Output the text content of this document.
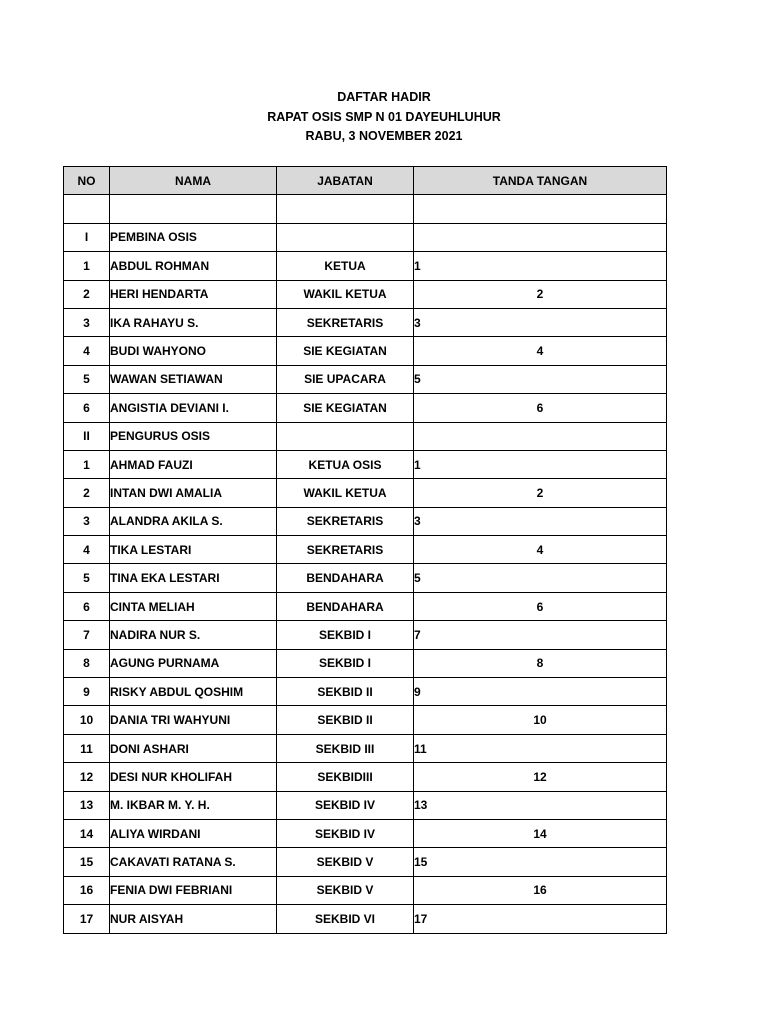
DAFTAR HADIR
RAPAT OSIS SMP N 01 DAYEUHLUHUR
RABU, 3 NOVEMBER 2021
NO	NAMA	JABATAN	TANDA TANGAN

I	PEMBINA OSIS		
1	ABDUL ROHMAN	KETUA	1
2	HERI HENDARTA	WAKIL KETUA	2
3	IKA RAHAYU S.	SEKRETARIS	3
4	BUDI WAHYONO	SIE KEGIATAN	4
5	WAWAN SETIAWAN	SIE UPACARA	5
6	ANGISTIA DEVIANI I.	SIE KEGIATAN	6
II	PENGURUS OSIS		
1	AHMAD FAUZI	KETUA OSIS	1
2	INTAN DWI AMALIA	WAKIL KETUA	2
3	ALANDRA AKILA S.	SEKRETARIS	3
4	TIKA LESTARI	SEKRETARIS	4
5	TINA EKA LESTARI	BENDAHARA	5
6	CINTA MELIAH	BENDAHARA	6
7	NADIRA NUR S.	SEKBID I	7
8	AGUNG PURNAMA	SEKBID I	8
9	RISKY ABDUL QOSHIM	SEKBID II	9
10	DANIA TRI WAHYUNI	SEKBID II	10
11	DONI ASHARI	SEKBID III	11
12	DESI NUR KHOLIFAH	SEKBIDIII	12
13	M. IKBAR M. Y. H.	SEKBID IV	13
14	ALIYA WIRDANI	SEKBID IV	14
15	CAKAVATI RATANA S.	SEKBID V	15
16	FENIA DWI FEBRIANI	SEKBID V	16
17	NUR AISYAH	SEKBID VI	17
